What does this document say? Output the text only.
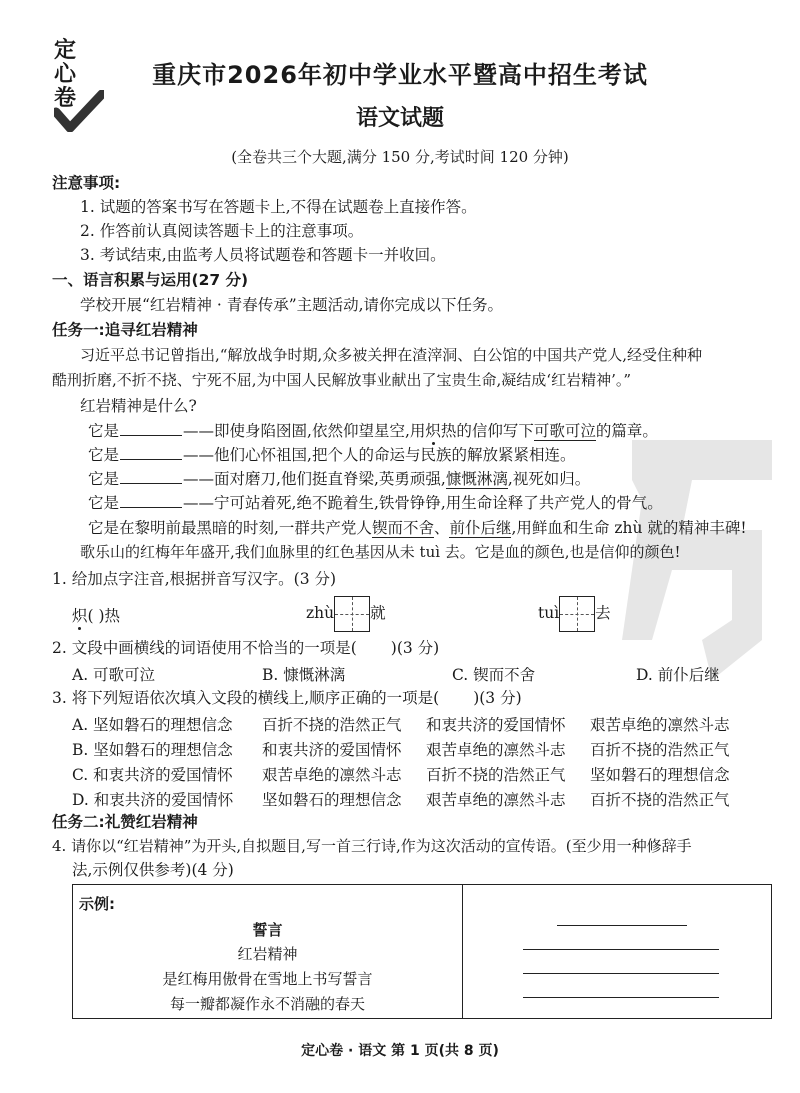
定
心
卷
重庆市2026年初中学业水平暨高中招生考试
语文试题
(全卷共三个大题,满分 150 分,考试时间 120 分钟)
注意事项:
1. 试题的答案书写在答题卡上,不得在试题卷上直接作答。
2. 作答前认真阅读答题卡上的注意事项。
3. 考试结束,由监考人员将试题卷和答题卡一并收回。
一、语言积累与运用(27 分)
学校开展“红岩精神 · 青春传承”主题活动,请你完成以下任务。
任务一:追寻红岩精神
习近平总书记曾指出,“解放战争时期,众多被关押在渣滓洞、白公馆的中国共产党人,经受住种种
酷刑折磨,不折不挠、宁死不屈,为中国人民解放事业献出了宝贵生命,凝结成‘红岩精神’。”
红岩精神是什么?
它是	——即使身陷囹圄,依然仰望星空,用炽热的信仰写下可歌可泣的篇章。
它是	——他们心怀祖国,把个人的命运与民族的解放紧紧相连。
它是	——面对磨刀,他们挺直脊梁,英勇顽强,慷慨淋漓,视死如归。
它是	——宁可站着死,绝不跪着生,铁骨铮铮,用生命诠释了共产党人的骨气。
它是在黎明前最黑暗的时刻,一群共产党人锲而不舍、前仆后继,用鲜血和生命 zhù 就的精神丰碑!
歌乐山的红梅年年盛开,我们血脉里的红色基因从未 tuì 去。它是血的颜色,也是信仰的颜色!
1. 给加点字注音,根据拼音写汉字。(3 分)
炽( )热	zhù 就	tuì 去
2. 文段中画横线的词语使用不恰当的一项是( )(3 分)
A. 可歌可泣	B. 慷慨淋漓	C. 锲而不舍	D. 前仆后继
3. 将下列短语依次填入文段的横线上,顺序正确的一项是( )(3 分)
A. 坚如磐石的理想信念 百折不挠的浩然正气 和衷共济的爱国情怀 艰苦卓绝的凛然斗志
B. 坚如磐石的理想信念 和衷共济的爱国情怀 艰苦卓绝的凛然斗志 百折不挠的浩然正气
C. 和衷共济的爱国情怀 艰苦卓绝的凛然斗志 百折不挠的浩然正气 坚如磐石的理想信念
D. 和衷共济的爱国情怀 坚如磐石的理想信念 艰苦卓绝的凛然斗志 百折不挠的浩然正气
任务二:礼赞红岩精神
4. 请你以“红岩精神”为开头,自拟题目,写一首三行诗,作为这次活动的宣传语。(至少用一种修辞手
法,示例仅供参考)(4 分)
示例:
誓言
红岩精神
是红梅用傲骨在雪地上书写誓言
每一瓣都凝作永不消融的春天
定心卷 · 语文 第 1 页(共 8 页)
